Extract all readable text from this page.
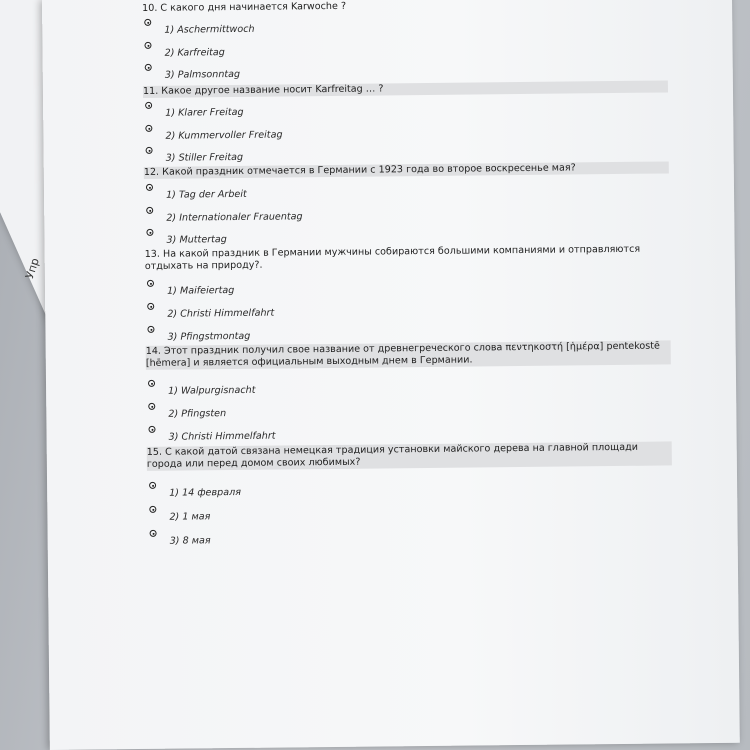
Упр
10. С какого дня начинается Karwoche ?
1) Aschermittwoch
2) Karfreitag
3) Palmsonntag
11. Какое другое название носит Karfreitag … ?
1) Klarer Freitag
2) Kummervoller Freitag
3) Stiller Freitag
12. Какой праздник отмечается в Германии с 1923 года во второе воскресенье мая?
1) Tag der Arbeit
2) Internationaler Frauentag
3) Muttertag
13. На какой праздник в Германии мужчины собираются большими компаниями и отправляются отдыхать на природу?.
1) Maifeiertag
2) Christi Himmelfahrt
3) Pfingstmontag
14. Этот праздник получил свое название от древнегреческого слова πεντηκοστή [ἡμέρα] pentekostē [hēmera] и является официальным выходным днем в Германии.
1) Walpurgisnacht
2) Pfingsten
3) Christi Himmelfahrt
15. С какой датой связана немецкая традиция установки майского дерева на главной площади города или перед домом своих любимых?
1) 14 февраля
2) 1 мая
3) 8 мая
